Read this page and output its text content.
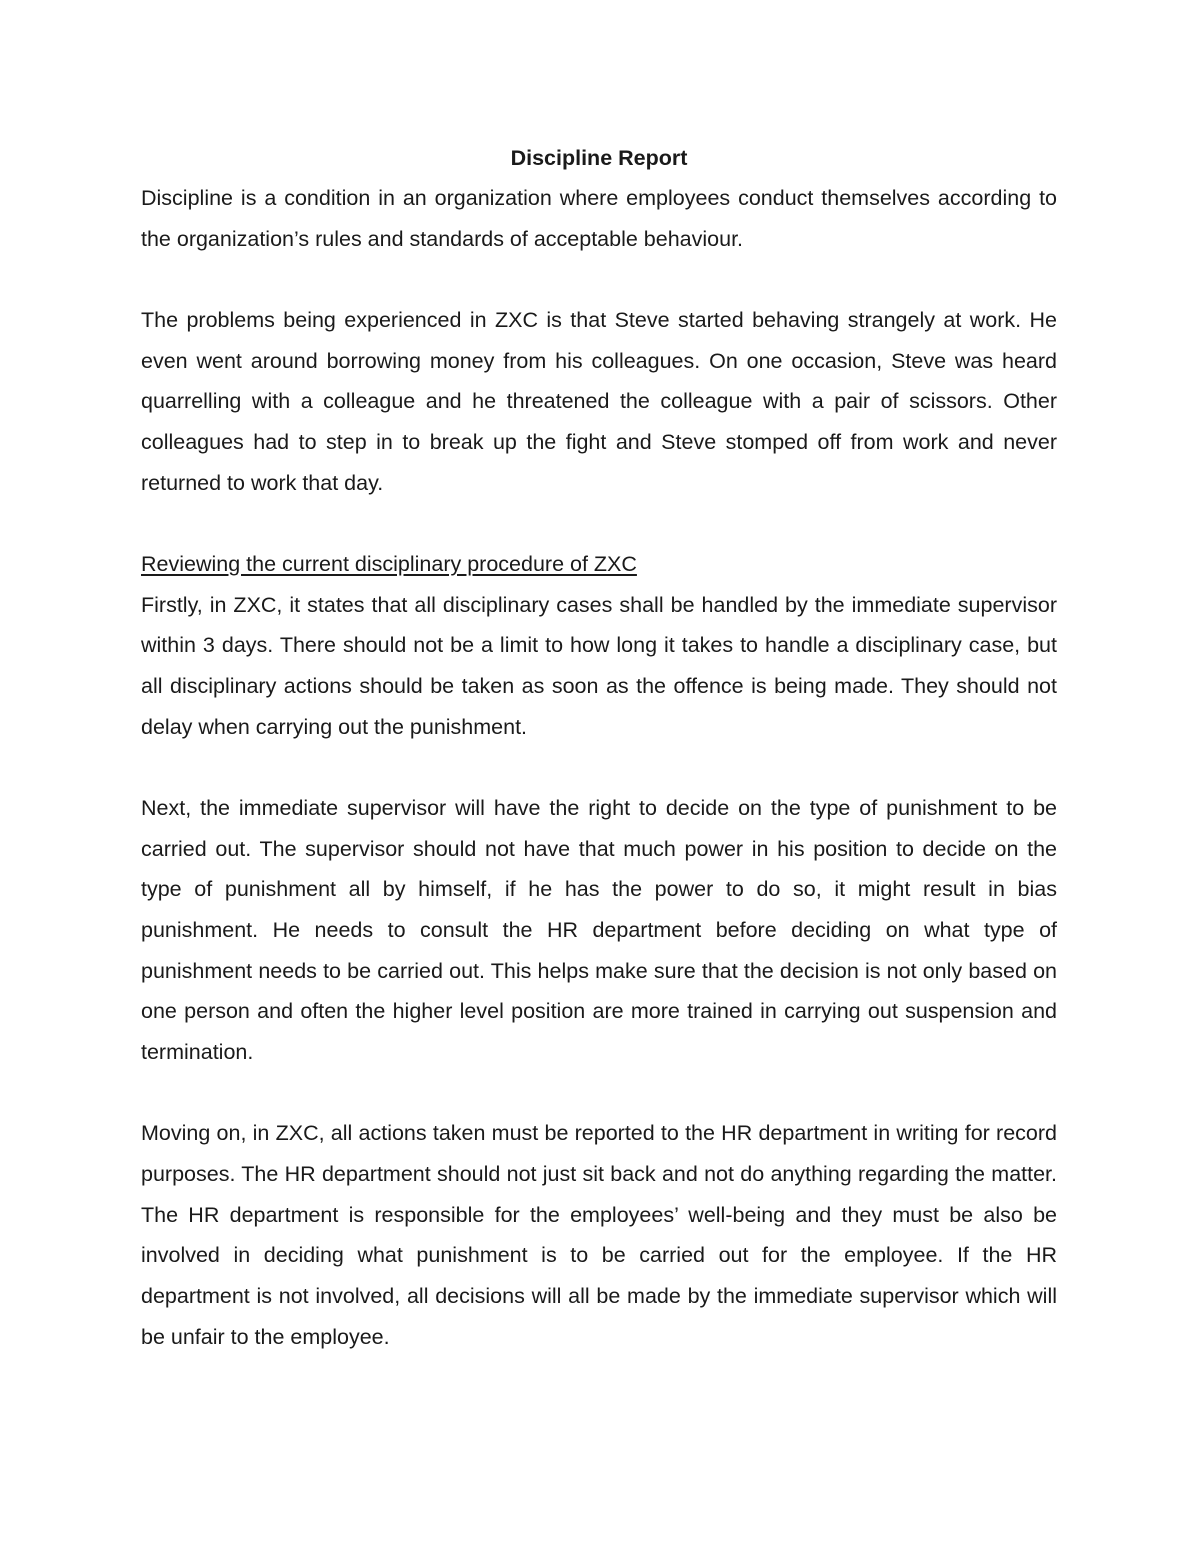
Discipline Report

Discipline is a condition in an organization where employees conduct themselves according to the organization’s rules and standards of acceptable behaviour.

The problems being experienced in ZXC is that Steve started behaving strangely at work. He even went around borrowing money from his colleagues. On one occasion, Steve was heard quarrelling with a colleague and he threatened the colleague with a pair of scissors. Other colleagues had to step in to break up the fight and Steve stomped off from work and never returned to work that day.

Reviewing the current disciplinary procedure of ZXC

Firstly, in ZXC, it states that all disciplinary cases shall be handled by the immediate supervisor within 3 days. There should not be a limit to how long it takes to handle a disciplinary case, but all disciplinary actions should be taken as soon as the offence is being made. They should not delay when carrying out the punishment.

Next, the immediate supervisor will have the right to decide on the type of punishment to be carried out. The supervisor should not have that much power in his position to decide on the type of punishment all by himself, if he has the power to do so, it might result in bias punishment. He needs to consult the HR department before deciding on what type of punishment needs to be carried out. This helps make sure that the decision is not only based on one person and often the higher level position are more trained in carrying out suspension and termination.

Moving on, in ZXC, all actions taken must be reported to the HR department in writing for record purposes. The HR department should not just sit back and not do anything regarding the matter. The HR department is responsible for the employees’ well-being and they must be also be involved in deciding what punishment is to be carried out for the employee. If the HR department is not involved, all decisions will all be made by the immediate supervisor which will be unfair to the employee.
